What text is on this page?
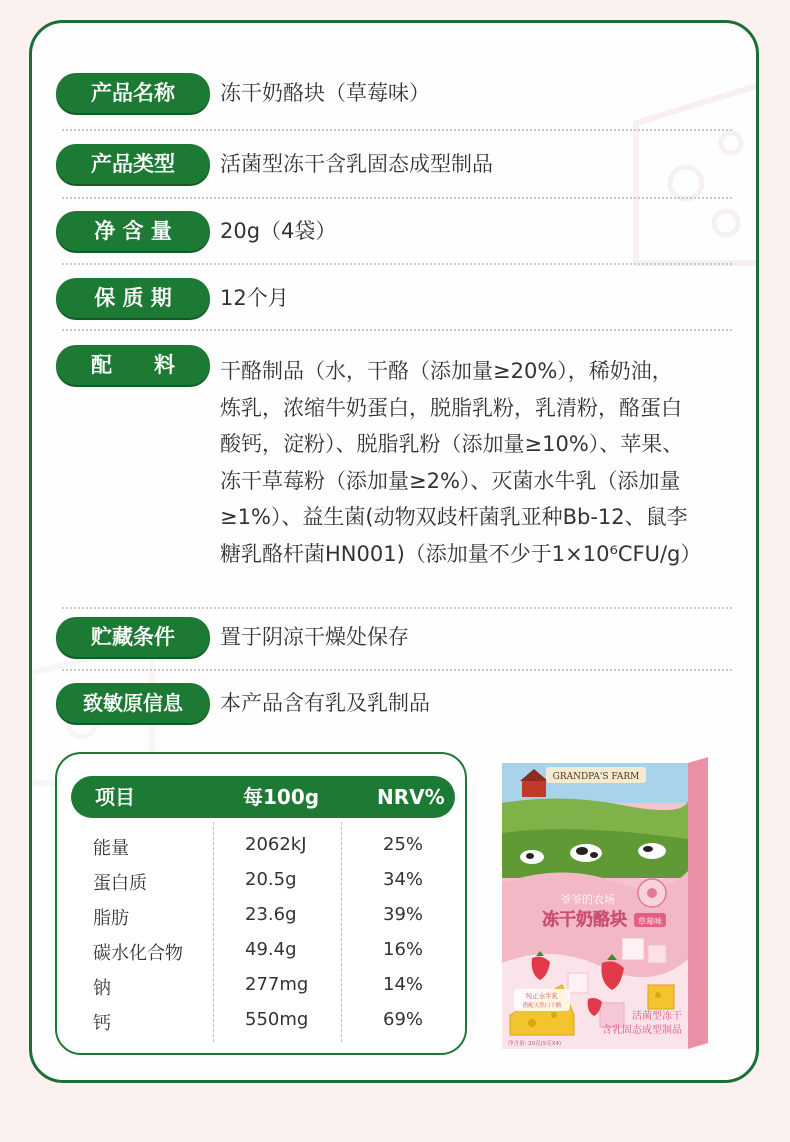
产品名称	冻干奶酪块（草莓味）
产品类型	活菌型冻干含乳固态成型制品
净 含 量	20g（4袋）
保 质 期	12个月
配　　料	干酪制品（水，干酪（添加量≥20%），稀奶油，
炼乳，浓缩牛奶蛋白，脱脂乳粉，乳清粉，酪蛋白
酸钙，淀粉）、脱脂乳粉（添加量≥10%）、苹果、
冻干草莓粉（添加量≥2%）、灭菌水牛乳（添加量
≥1%）、益生菌(动物双歧杆菌乳亚种Bb-12、鼠李
糖乳酪杆菌HN001)（添加量不少于1×10⁶CFU/g）
贮藏条件	置于阴凉干燥处保存
致敏原信息	本产品含有乳及乳制品
项目	每100g	NRV%
能量	2062kJ	25%
蛋白质	20.5g	34%
脂肪	23.6g	39%
碳水化合物	49.4g	16%
钠	277mg	14%
钙	550mg	69%
GRANDPA'S FARM
爷爷的农场
冻干奶酪块 草莓味
纯正水牛乳
搭配天然口干酪
活菌型冻干
含乳固态成型制品
净含量: 20克(5克X4)
